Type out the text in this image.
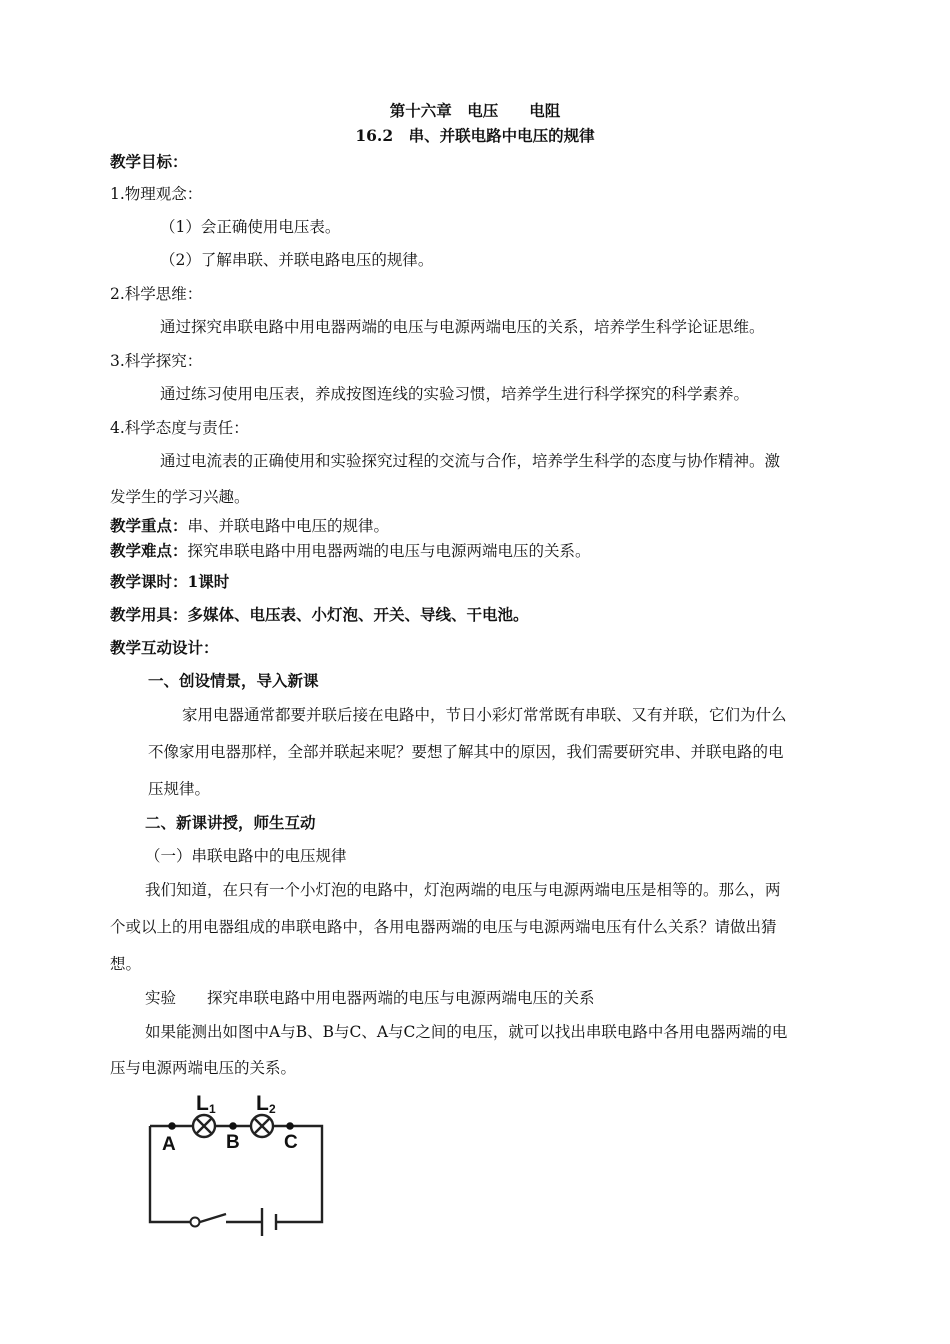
第十六章　电压　　电阻
16.2　串、并联电路中电压的规律
教学目标：
1.物理观念：
（1）会正确使用电压表。
（2）了解串联、并联电路电压的规律。
2.科学思维：
通过探究串联电路中用电器两端的电压与电源两端电压的关系，培养学生科学论证思维。
3.科学探究：
通过练习使用电压表，养成按图连线的实验习惯，培养学生进行科学探究的科学素养。
4.科学态度与责任：
通过电流表的正确使用和实验探究过程的交流与合作，培养学生科学的态度与协作精神。激
发学生的学习兴趣。
教学重点：串、并联电路中电压的规律。
教学难点：探究串联电路中用电器两端的电压与电源两端电压的关系。
教学课时：1课时
教学用具：多媒体、电压表、小灯泡、开关、导线、干电池。
教学互动设计：
一、创设情景，导入新课
家用电器通常都要并联后接在电路中，节日小彩灯常常既有串联、又有并联，它们为什么
不像家用电器那样，全部并联起来呢？要想了解其中的原因，我们需要研究串、并联电路的电
压规律。
二、新课讲授，师生互动
（一）串联电路中的电压规律
我们知道，在只有一个小灯泡的电路中，灯泡两端的电压与电源两端电压是相等的。那么，两
个或以上的用电器组成的串联电路中，各用电器两端的电压与电源两端电压有什么关系？请做出猜
想。
实验　　探究串联电路中用电器两端的电压与电源两端电压的关系
如果能测出如图中A与B、B与C、A与C之间的电压，就可以找出串联电路中各用电器两端的电
压与电源两端电压的关系。
L 1 L 2
A	B C
